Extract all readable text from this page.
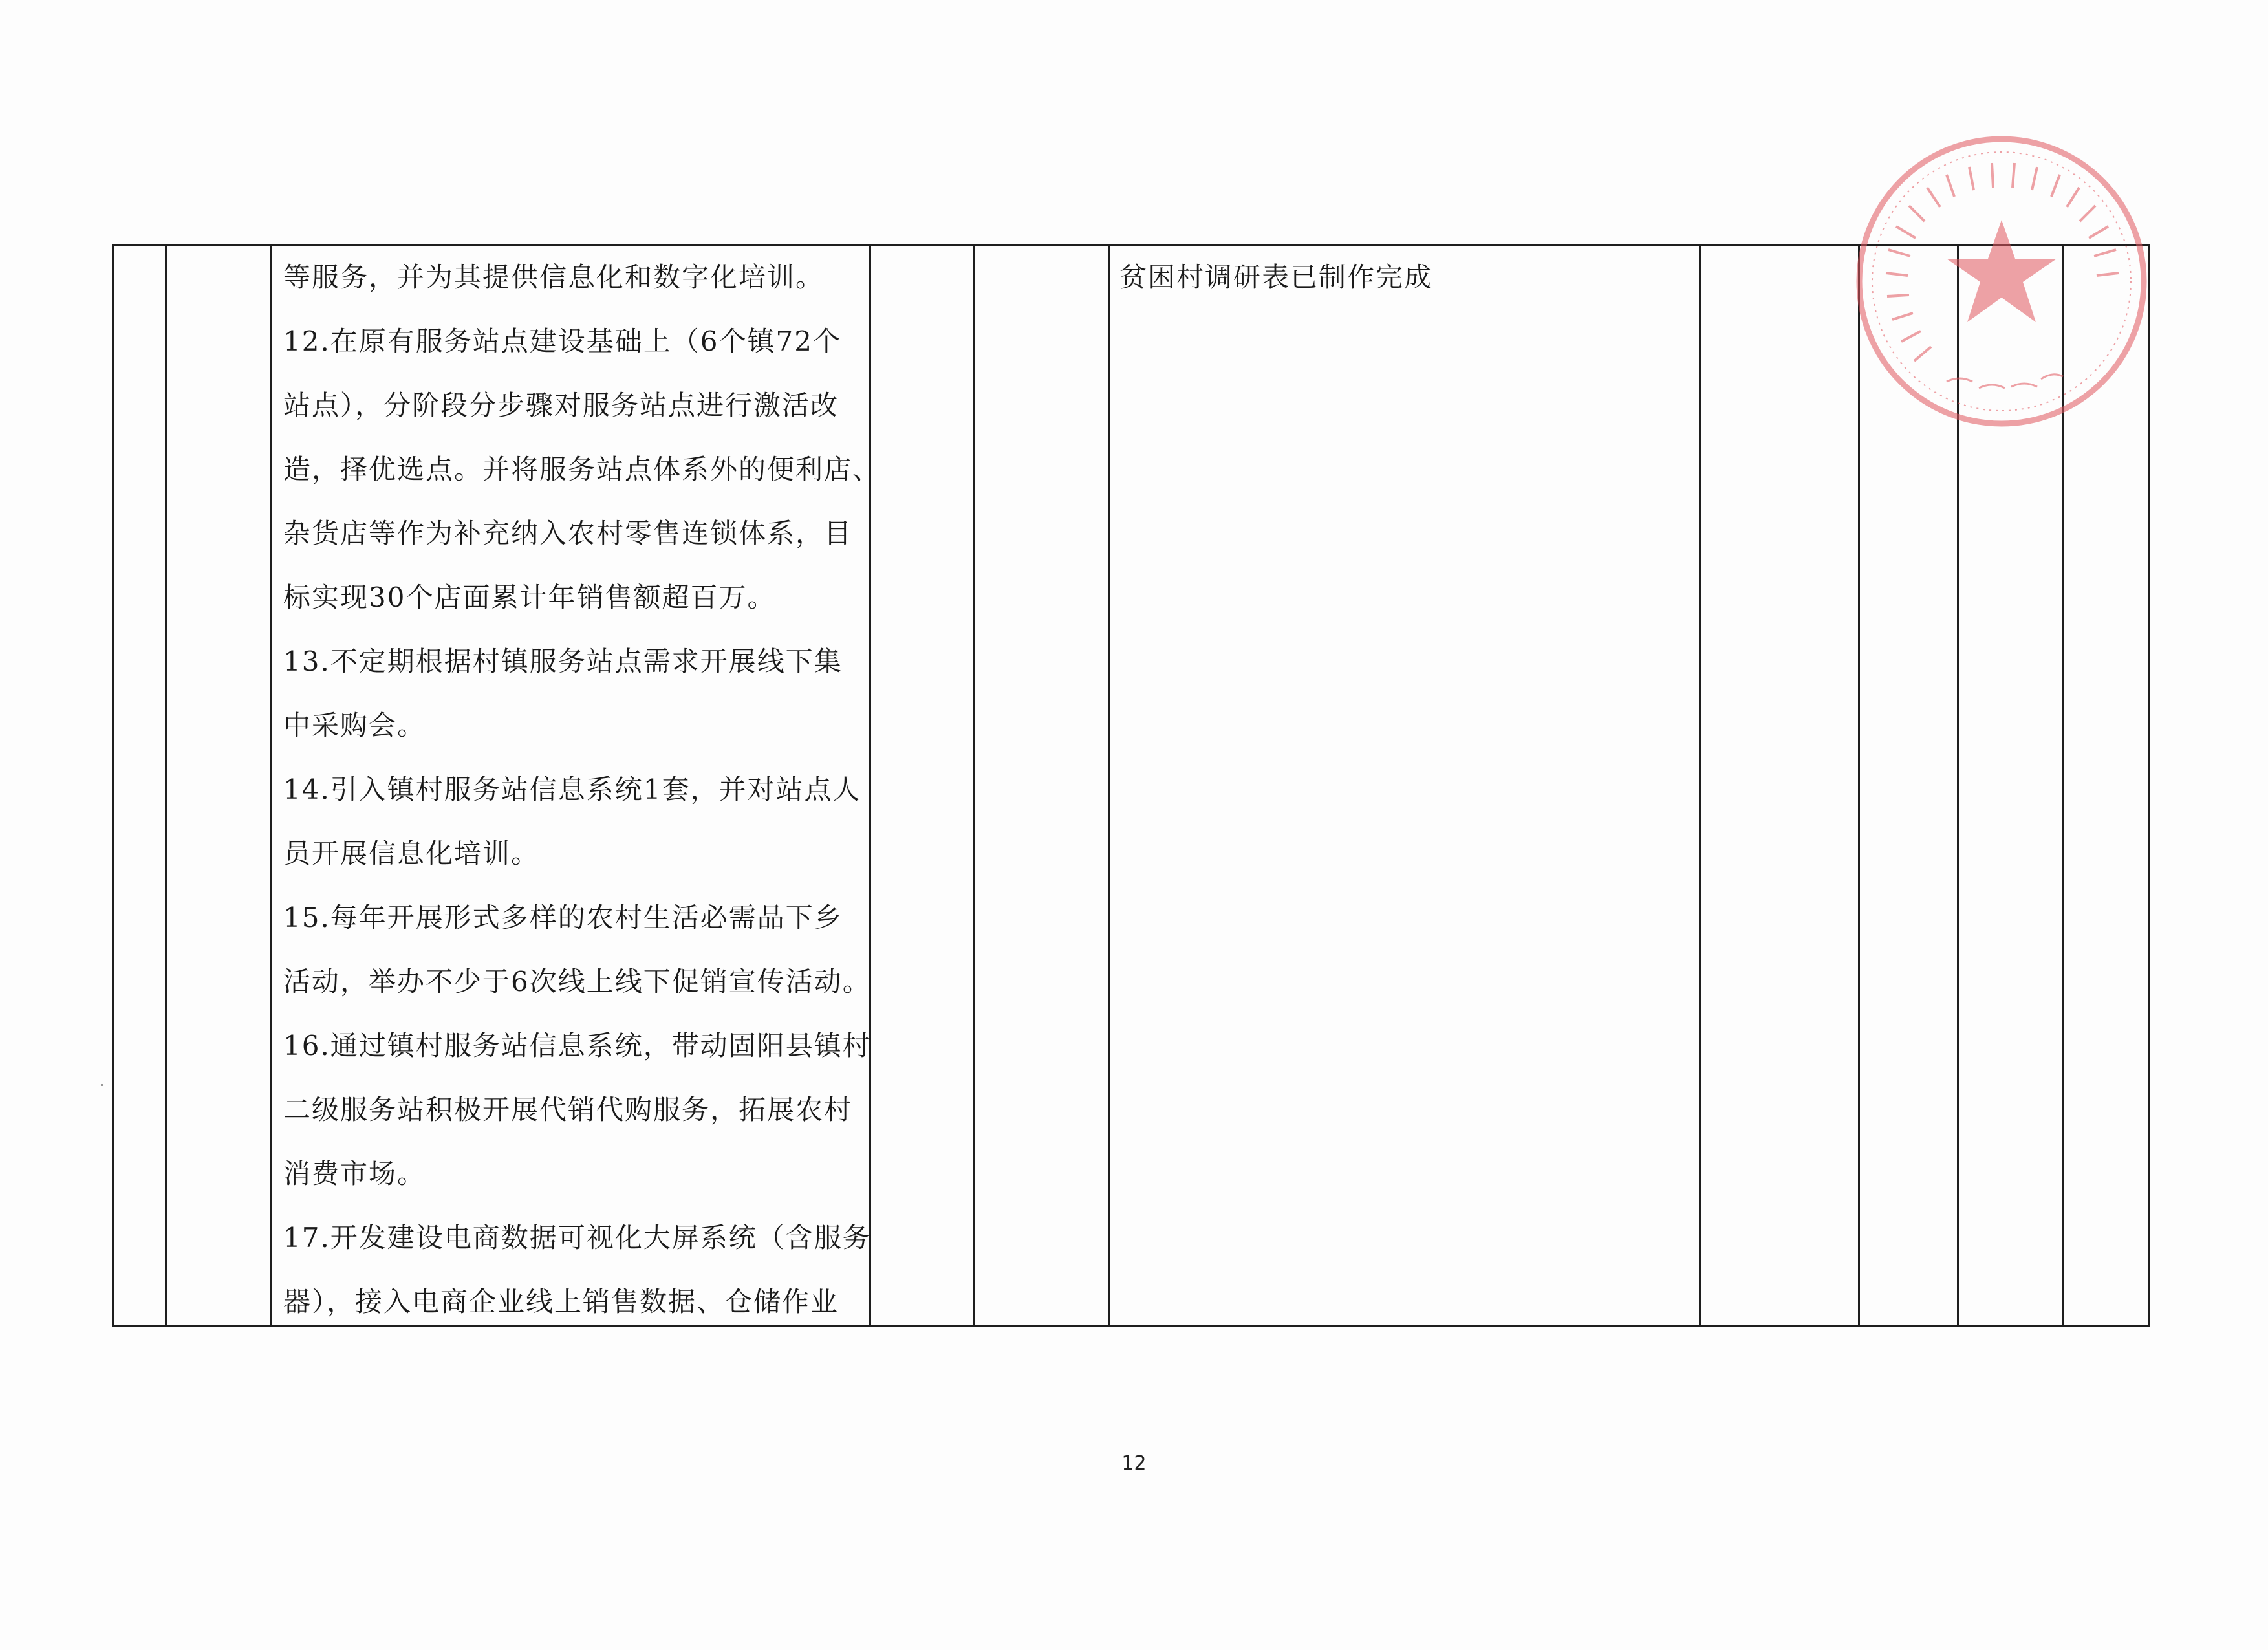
等服务，并为其提供信息化和数字化培训。
12.在原有服务站点建设基础上（6个镇72个
站点），分阶段分步骤对服务站点进行激活改
造，择优选点。并将服务站点体系外的便利店、
杂货店等作为补充纳入农村零售连锁体系，目
标实现30个店面累计年销售额超百万。
13.不定期根据村镇服务站点需求开展线下集
中采购会。
14.引入镇村服务站信息系统1套，并对站点人
员开展信息化培训。
15.每年开展形式多样的农村生活必需品下乡
活动，举办不少于6次线上线下促销宣传活动。
16.通过镇村服务站信息系统，带动固阳县镇村
二级服务站积极开展代销代购服务，拓展农村
消费市场。
17.开发建设电商数据可视化大屏系统（含服务
器），接入电商企业线上销售数据、仓储作业
贫困村调研表已制作完成
12
